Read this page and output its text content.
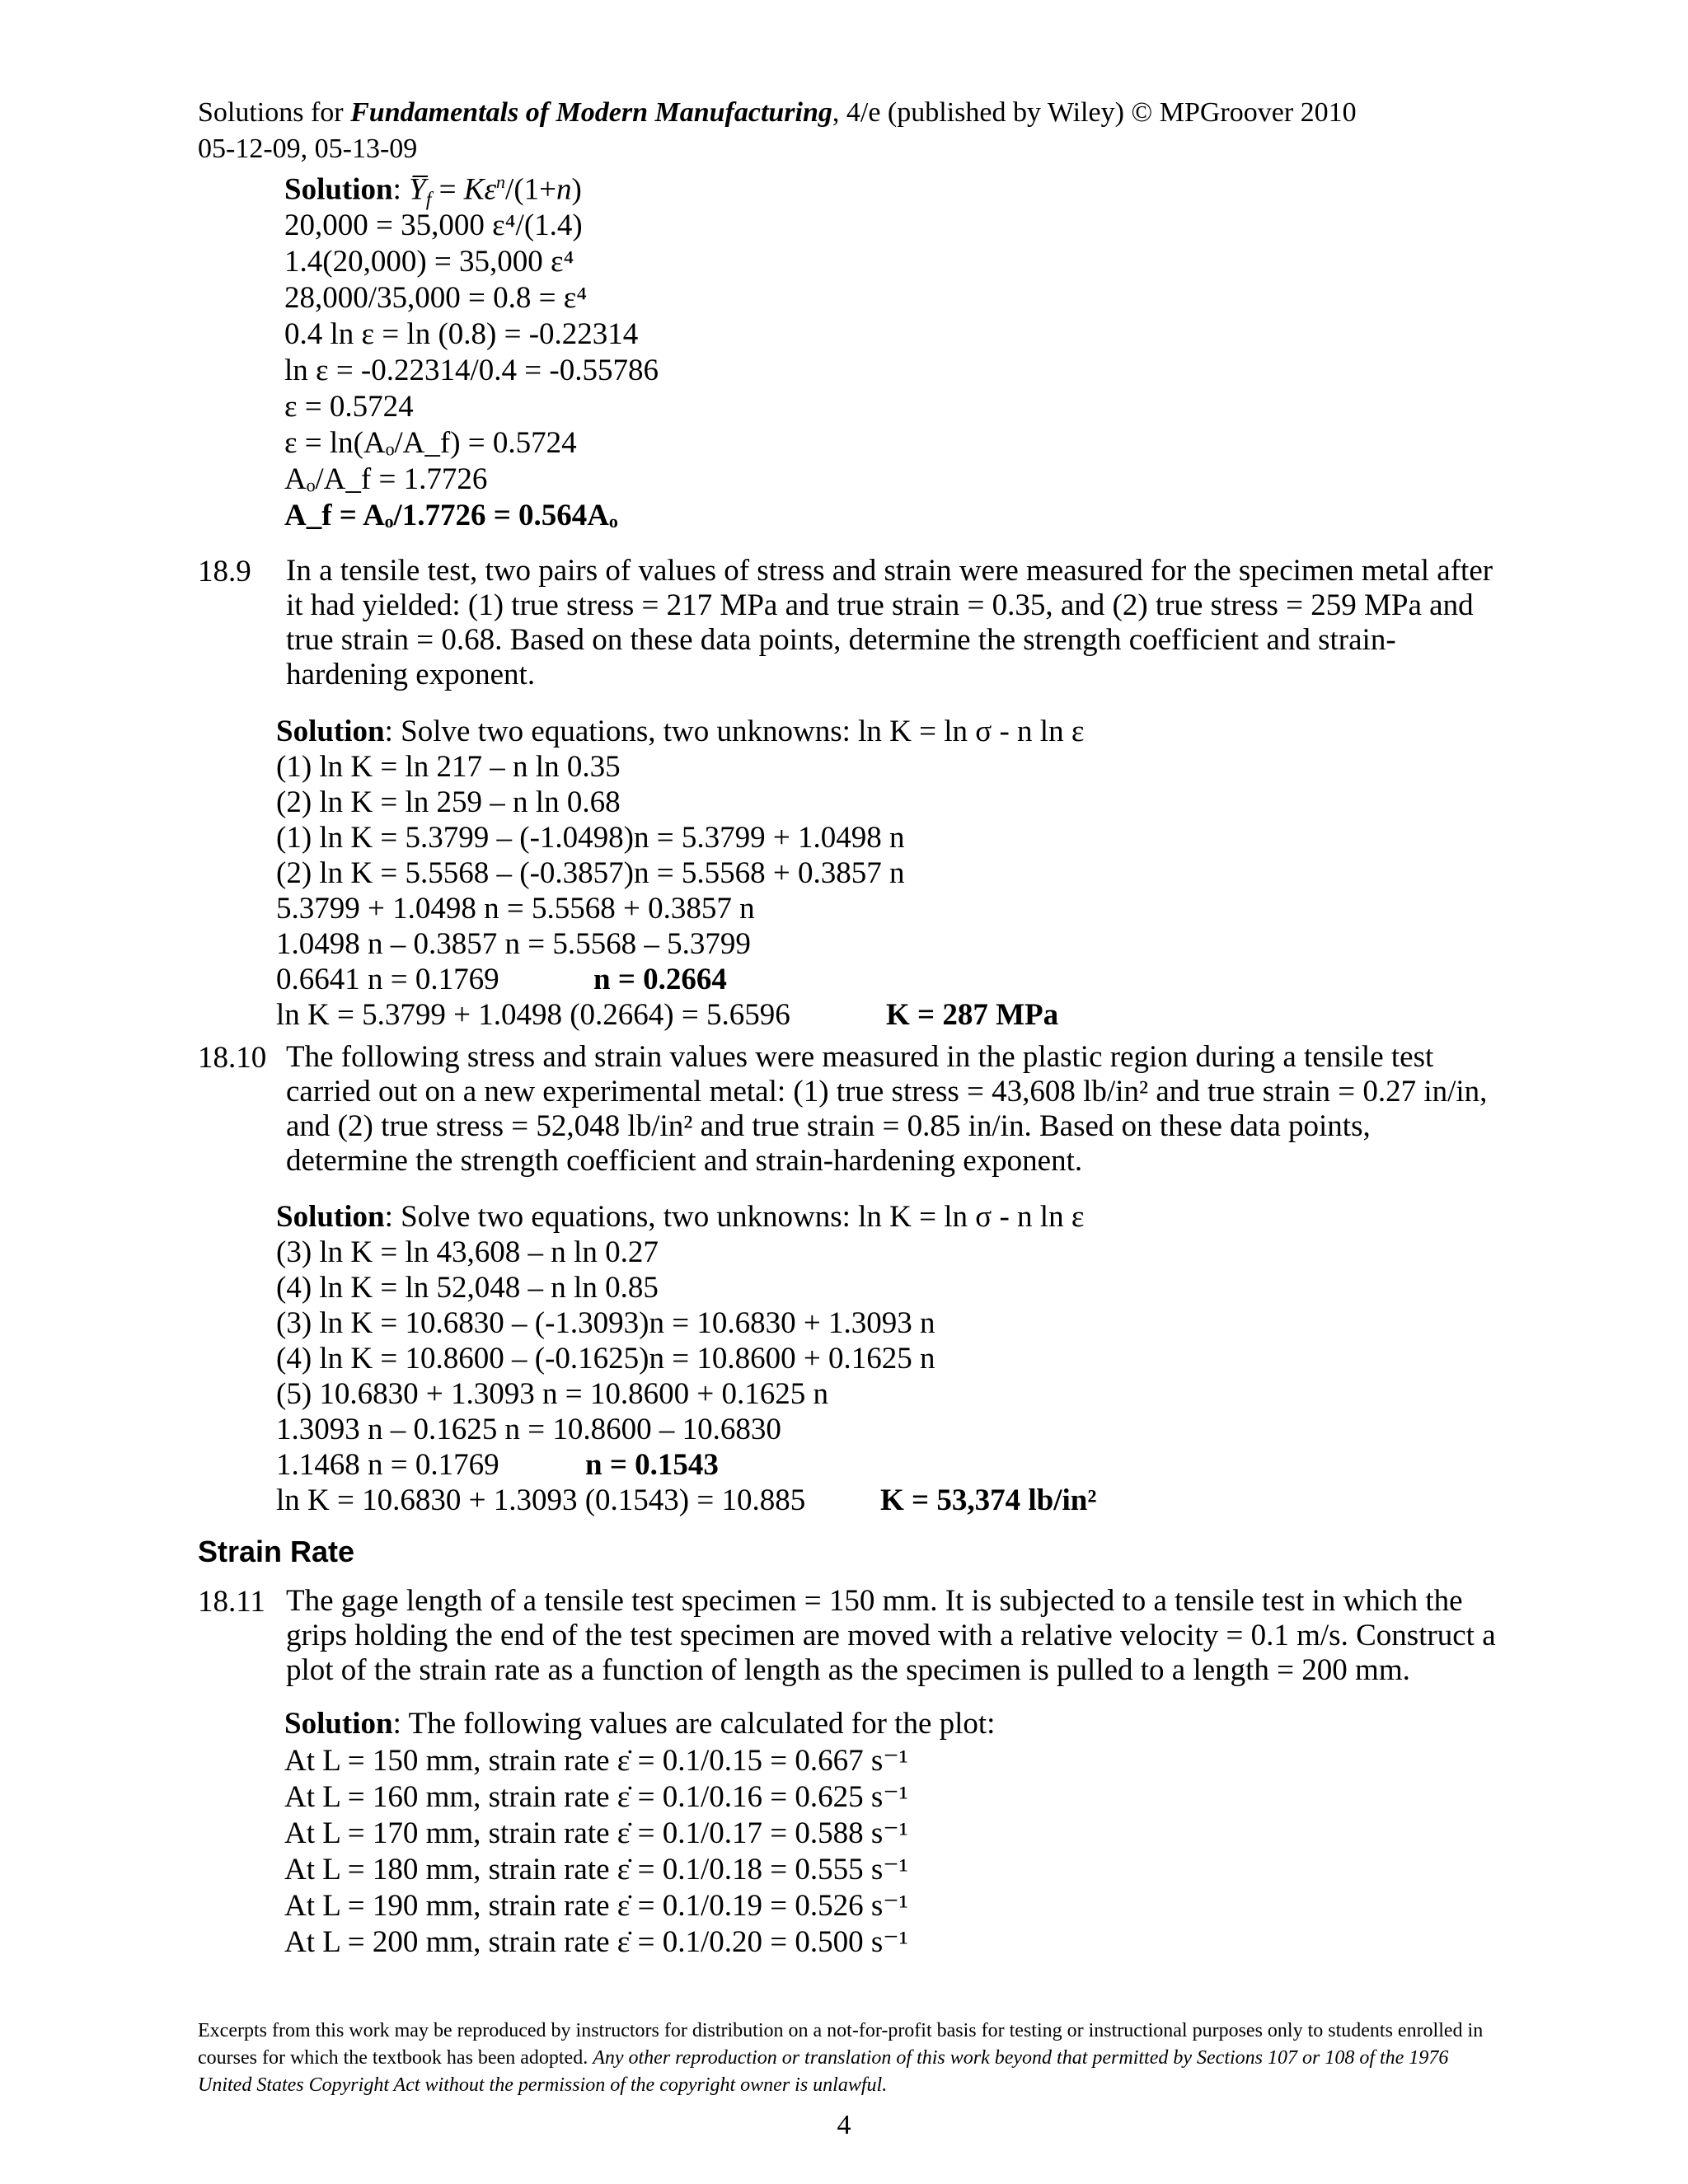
Solutions for Fundamentals of Modern Manufacturing, 4/e (published by Wiley) © MPGroover 2010
05-12-09, 05-13-09
Solution: $Y̅_f = K\varepsilon^n/(1+n)$
20,000 = 35,000 ε⁴/(1.4)
1.4(20,000) = 35,000 ε⁴
28,000/35,000 = 0.8 = ε⁴
0.4 ln ε = ln (0.8) = -0.22314
ln ε = -0.22314/0.4 = -0.55786
ε = 0.5724
ε = ln(Aₒ/A_f) = 0.5724
Aₒ/A_f = 1.7726
A_f = Aₒ/1.7726 = 0.564Aₒ
18.9 In a tensile test, two pairs of values of stress and strain were measured for the specimen metal after it had yielded: (1) true stress = 217 MPa and true strain = 0.35, and (2) true stress = 259 MPa and true strain = 0.68. Based on these data points, determine the strength coefficient and strain-hardening exponent.
Solution: Solve two equations, two unknowns: ln K = ln σ - n ln ε
(1) ln K = ln 217 – n ln 0.35
(2) ln K = ln 259 – n ln 0.68
(1) ln K = 5.3799 – (-1.0498)n = 5.3799 + 1.0498 n
(2) ln K = 5.5568 – (-0.3857)n = 5.5568 + 0.3857 n
5.3799 + 1.0498 n = 5.5568 + 0.3857 n
1.0498 n – 0.3857 n = 5.5568 – 5.3799
0.6641 n = 0.1769	n = 0.2664
ln K = 5.3799 + 1.0498 (0.2664) = 5.6596	K = 287 MPa
18.10 The following stress and strain values were measured in the plastic region during a tensile test carried out on a new experimental metal: (1) true stress = 43,608 lb/in² and true strain = 0.27 in/in, and (2) true stress = 52,048 lb/in² and true strain = 0.85 in/in. Based on these data points, determine the strength coefficient and strain-hardening exponent.
Solution: Solve two equations, two unknowns: ln K = ln σ - n ln ε
(3) ln K = ln 43,608 – n ln 0.27
(4) ln K = ln 52,048 – n ln 0.85
(3) ln K = 10.6830 – (-1.3093)n = 10.6830 + 1.3093 n
(4) ln K = 10.8600 – (-0.1625)n = 10.8600 + 0.1625 n
(5) 10.6830 + 1.3093 n = 10.8600 + 0.1625 n
1.3093 n – 0.1625 n = 10.8600 – 10.6830
1.1468 n = 0.1769	n = 0.1543
ln K = 10.6830 + 1.3093 (0.1543) = 10.885 K = 53,374 lb/in²
Strain Rate
18.11 The gage length of a tensile test specimen = 150 mm. It is subjected to a tensile test in which the grips holding the end of the test specimen are moved with a relative velocity = 0.1 m/s. Construct a plot of the strain rate as a function of length as the specimen is pulled to a length = 200 mm.
Solution: The following values are calculated for the plot:
At L = 150 mm, strain rate ε̇ = 0.1/0.15 = 0.667 s⁻¹
At L = 160 mm, strain rate ε̇ = 0.1/0.16 = 0.625 s⁻¹
At L = 170 mm, strain rate ε̇ = 0.1/0.17 = 0.588 s⁻¹
At L = 180 mm, strain rate ε̇ = 0.1/0.18 = 0.555 s⁻¹
At L = 190 mm, strain rate ε̇ = 0.1/0.19 = 0.526 s⁻¹
At L = 200 mm, strain rate ε̇ = 0.1/0.20 = 0.500 s⁻¹
Excerpts from this work may be reproduced by instructors for distribution on a not-for-profit basis for testing or instructional purposes only to students enrolled in courses for which the textbook has been adopted. Any other reproduction or translation of this work beyond that permitted by Sections 107 or 108 of the 1976 United States Copyright Act without the permission of the copyright owner is unlawful.
4
